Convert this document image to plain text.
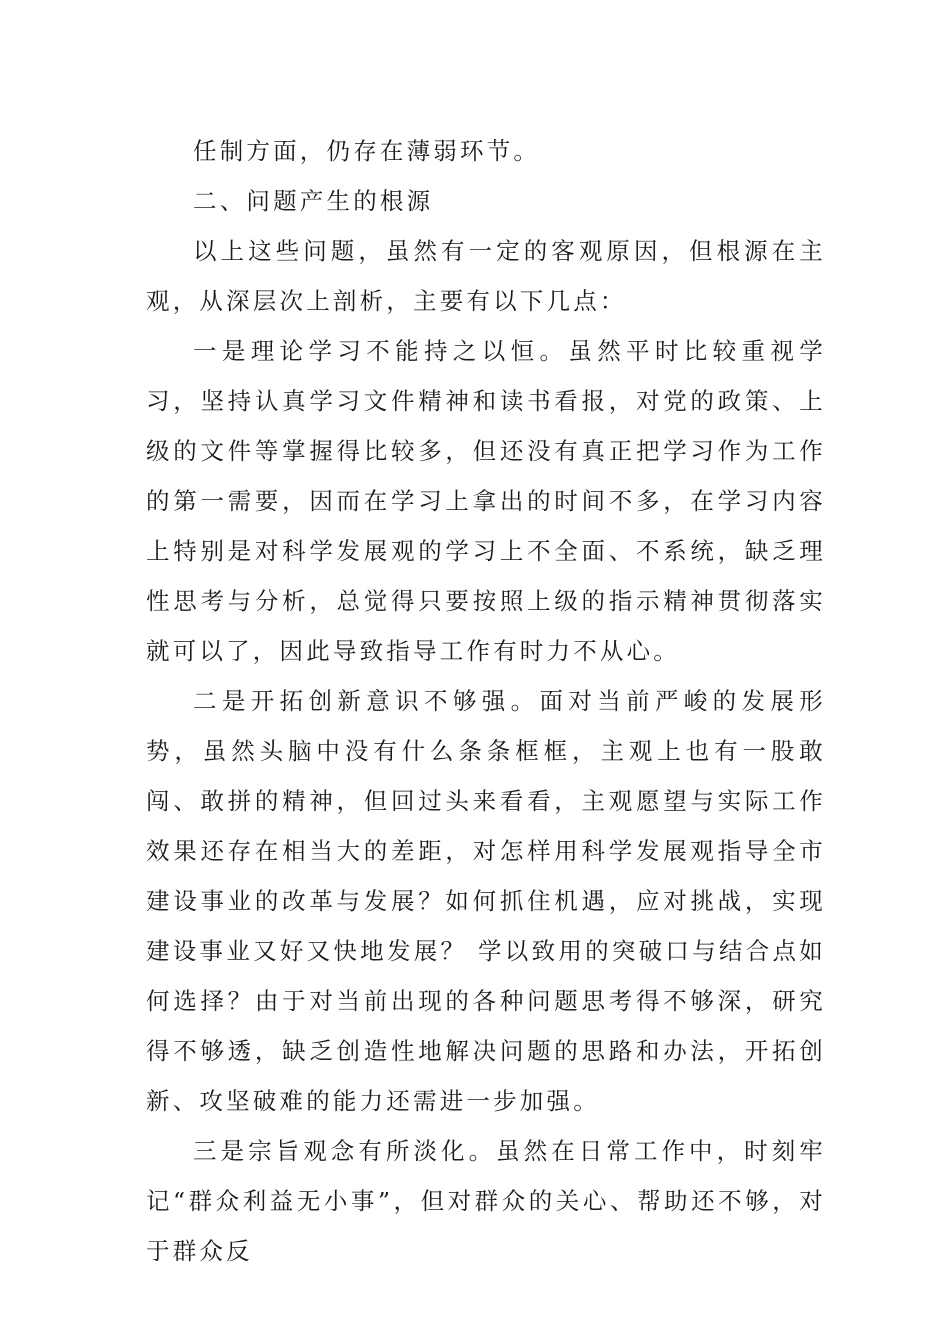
任制方面，仍存在薄弱环节。

二、问题产生的根源

以上这些问题，虽然有一定的客观原因，但根源在主观，从深层次上剖析，主要有以下几点：

一是理论学习不能持之以恒。虽然平时比较重视学习，坚持认真学习文件精神和读书看报，对党的政策、上级的文件等掌握得比较多，但还没有真正把学习作为工作的第一需要，因而在学习上拿出的时间不多，在学习内容上特别是对科学发展观的学习上不全面、不系统，缺乏理性思考与分析，总觉得只要按照上级的指示精神贯彻落实就可以了，因此导致指导工作有时力不从心。

二是开拓创新意识不够强。面对当前严峻的发展形势，虽然头脑中没有什么条条框框，主观上也有一股敢闯、敢拼的精神，但回过头来看看，主观愿望与实际工作效果还存在相当大的差距，对怎样用科学发展观指导全市建设事业的改革与发展？如何抓住机遇，应对挑战，实现建设事业又好又快地发展？ 学以致用的突破口与结合点如何选择？由于对当前出现的各种问题思考得不够深，研究得不够透，缺乏创造性地解决问题的思路和办法，开拓创新、攻坚破难的能力还需进一步加强。

三是宗旨观念有所淡化。虽然在日常工作中，时刻牢记“群众利益无小事”，但对群众的关心、帮助还不够，对于群众反
